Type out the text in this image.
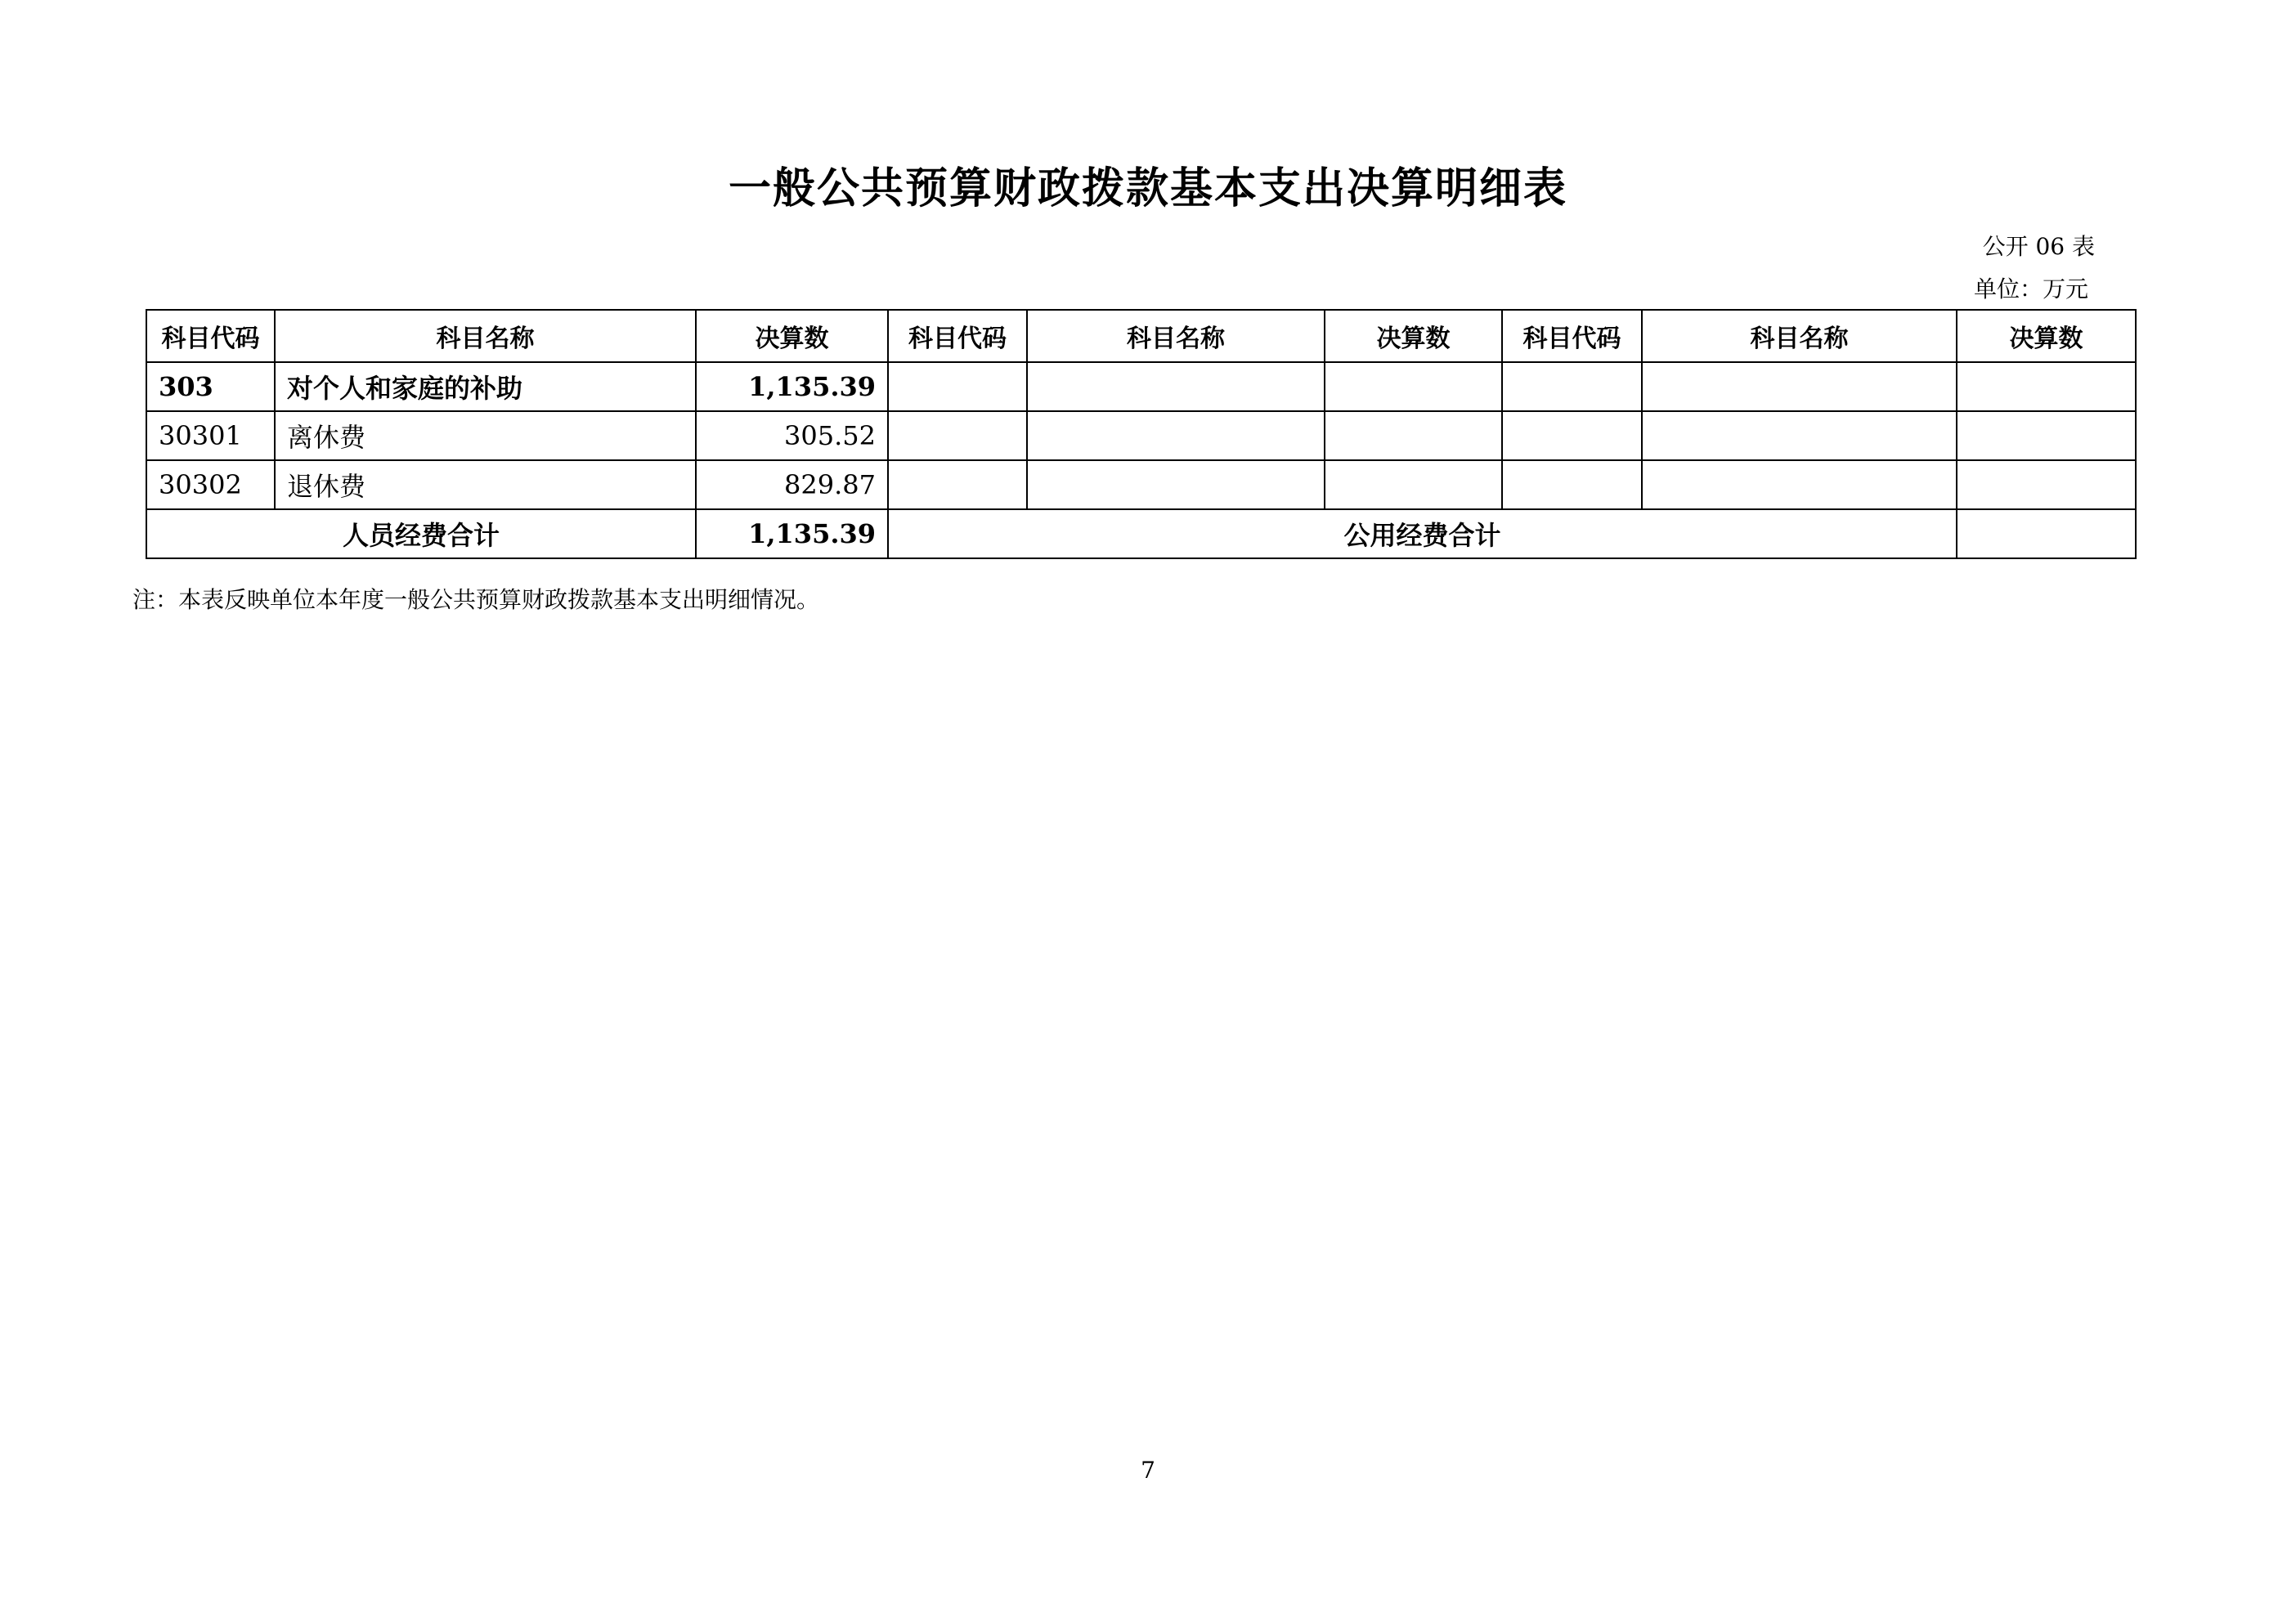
一般公共预算财政拨款基本支出决算明细表
公开 06 表
单位：万元
科目代码	科目名称	决算数	科目代码	科目名称	决算数	科目代码	科目名称	决算数
303	对个人和家庭的补助	1,135.39						
30301	离休费	305.52						
30302	退休费	829.87						
人员经费合计		1,135.39	公用经费合计					
注：本表反映单位本年度一般公共预算财政拨款基本支出明细情况。
7
